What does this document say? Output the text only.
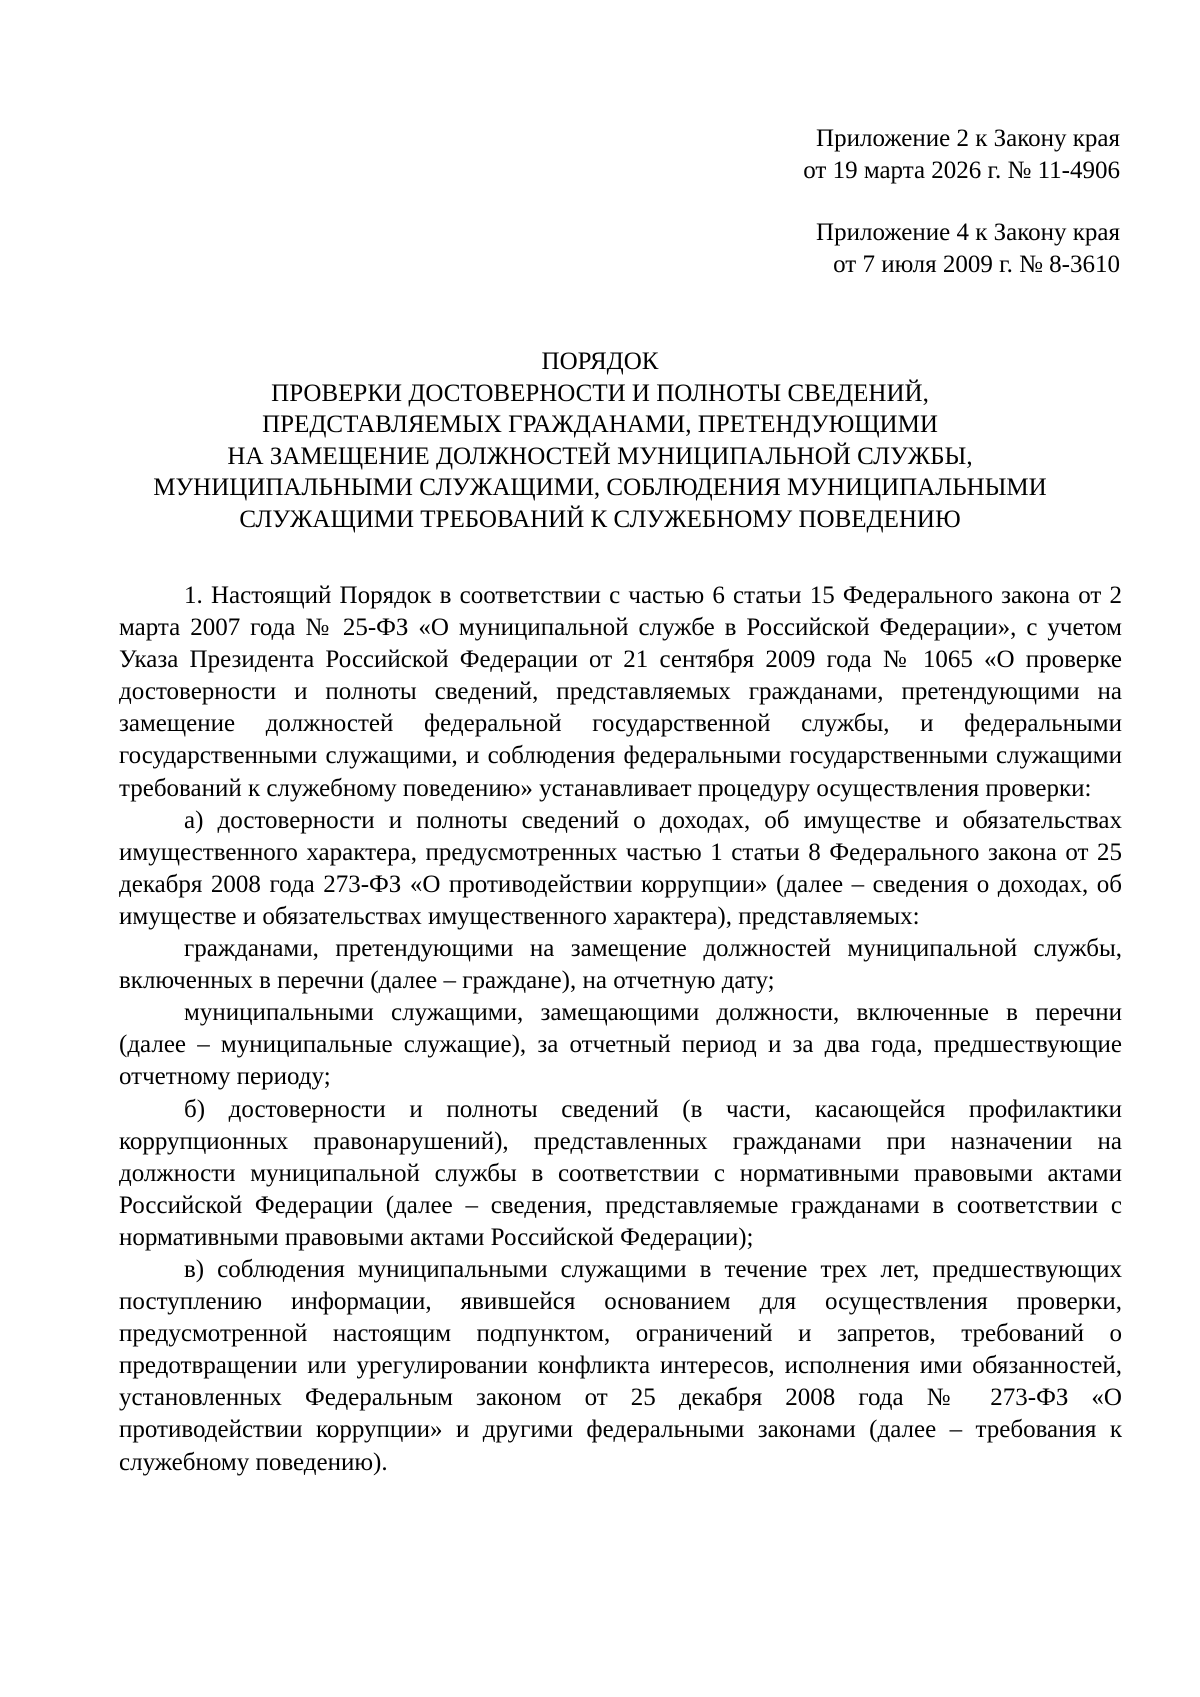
Приложение 2 к Закону края

от 19 марта 2026 г. № 11-4906

Приложение 4 к Закону края

от 7 июля 2009 г. № 8-3610

ПОРЯДОК

ПРОВЕРКИ ДОСТОВЕРНОСТИ И ПОЛНОТЫ СВЕДЕНИЙ,

ПРЕДСТАВЛЯЕМЫХ ГРАЖДАНАМИ, ПРЕТЕНДУЮЩИМИ

НА ЗАМЕЩЕНИЕ ДОЛЖНОСТЕЙ МУНИЦИПАЛЬНОЙ СЛУЖБЫ,

МУНИЦИПАЛЬНЫМИ СЛУЖАЩИМИ, СОБЛЮДЕНИЯ МУНИЦИПАЛЬНЫМИ

СЛУЖАЩИМИ ТРЕБОВАНИЙ К СЛУЖЕБНОМУ ПОВЕДЕНИЮ

1. Настоящий Порядок в соответствии с частью 6 статьи 15 Федерального закона от 2 марта 2007 года № 25-ФЗ «О муниципальной службе в Российской Федерации», с учетом Указа Президента Российской Федерации от 21 сентября 2009 года № 1065 «О проверке достоверности и полноты сведений, представляемых гражданами, претендующими на замещение должностей федеральной государственной службы, и федеральными государственными служащими, и соблюдения федеральными государственными служащими требований к служебному поведению» устанавливает процедуру осуществления проверки:

а) достоверности и полноты сведений о доходах, об имуществе и обязательствах имущественного характера, предусмотренных частью 1 статьи 8 Федерального закона от 25 декабря 2008 года 273-ФЗ «О противодействии коррупции» (далее – сведения о доходах, об имуществе и обязательствах имущественного характера), представляемых:

гражданами, претендующими на замещение должностей муниципальной службы, включенных в перечни (далее – граждане), на отчетную дату;

муниципальными служащими, замещающими должности, включенные в перечни (далее – муниципальные служащие), за отчетный период и за два года, предшествующие отчетному периоду;

б) достоверности и полноты сведений (в части, касающейся профилактики коррупционных правонарушений), представленных гражданами при назначении на должности муниципальной службы в соответствии с нормативными правовыми актами Российской Федерации (далее – сведения, представляемые гражданами в соответствии с нормативными правовыми актами Российской Федерации);

в) соблюдения муниципальными служащими в течение трех лет, предшествующих поступлению информации, явившейся основанием для осуществления проверки, предусмотренной настоящим подпунктом, ограничений и запретов, требований о предотвращении или урегулировании конфликта интересов, исполнения ими обязанностей, установленных Федеральным законом от 25 декабря 2008 года № 273-ФЗ «О противодействии коррупции» и другими федеральными законами (далее – требования к служебному поведению).
